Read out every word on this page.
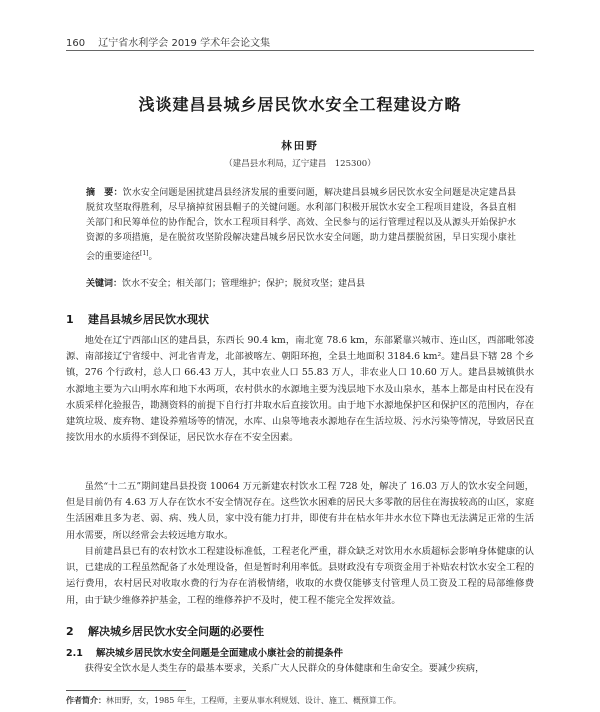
160 辽宁省水利学会 2019 学术年会论文集
浅谈建昌县城乡居民饮水安全工程建设方略
林田野
（建昌县水利局，辽宁建昌　125300）
摘　要：饮水安全问题是困扰建昌县经济发展的重要问题，解决建昌县城乡居民饮水安全问题是决定建昌县脱贫攻坚取得胜利，尽早摘掉贫困县帽子的关键问题。水利部门积极开展饮水安全工程项目建设，各县直相关部门和民筹单位的协作配合，饮水工程项目科学、高效、全民参与的运行管理过程以及从源头开始保护水资源的多项措施，是在脱贫攻坚阶段解决建昌城乡居民饮水安全问题，助力建昌摆脱贫困，早日实现小康社会的重要途径[1]。
关键词：饮水不安全；相关部门；管理维护；保护；脱贫攻坚；建昌县
1 建昌县城乡居民饮水现状
地处在辽宁西部山区的建昌县，东西长 90.4 km，南北宽 78.6 km，东部紧靠兴城市、连山区，西部毗邻凌源、南部接辽宁省绥中、河北省青龙，北部被喀左、朝阳环抱，全县土地面积 3184.6 km²。建昌县下辖 28 个乡镇，276 个行政村，总人口 66.43 万人，其中农业人口 55.83 万人，非农业人口 10.60 万人。建昌县城镇供水水源地主要为六山明水库和地下水两项，农村供水的水源地主要为浅层地下水及山泉水，基本上都是由村民在没有水质采样化验报告，勘测资料的前提下自行打井取水后直接饮用。由于地下水源地保护区和保护区的范围内，存在建筑垃圾、废弃物、建设养殖场等的情况，水库、山泉等地表水源地存在生活垃圾、污水污染等情况，导致居民直接饮用水的水质得不到保证，居民饮水存在不安全因素。
虽然“十二五”期间建昌县投资 10064 万元新建农村饮水工程 728 处，解决了 16.03 万人的饮水安全问题，但是目前仍有 4.63 万人存在饮水不安全情况存在。这些饮水困难的居民大多零散的居住在海拔较高的山区，家庭生活困难且多为老、弱、病、残人员，家中没有能力打井，即使有井在枯水年井水水位下降也无法满足正常的生活用水需要，所以经常会去较远地方取水。
目前建昌县已有的农村饮水工程建设标准低，工程老化严重，群众缺乏对饮用水水质超标会影响身体健康的认识，已建成的工程虽然配备了水处理设备，但是暂时利用率低。县财政没有专项资金用于补贴农村饮水安全工程的运行费用，农村居民对收取水费的行为存在消极情绪，收取的水费仅能够支付管理人员工资及工程的局部维修费用，由于缺少维修养护基金，工程的维修养护不及时，使工程不能完全发挥效益。
2 解决城乡居民饮水安全问题的必要性
2.1 解决城乡居民饮水安全问题是全面建成小康社会的前提条件
获得安全饮水是人类生存的最基本要求，关系广大人民群众的身体健康和生命安全。要减少疾病，
作者简介：林田野，女，1985 年生，工程师，主要从事水利规划、设计、施工、概预算工作。
